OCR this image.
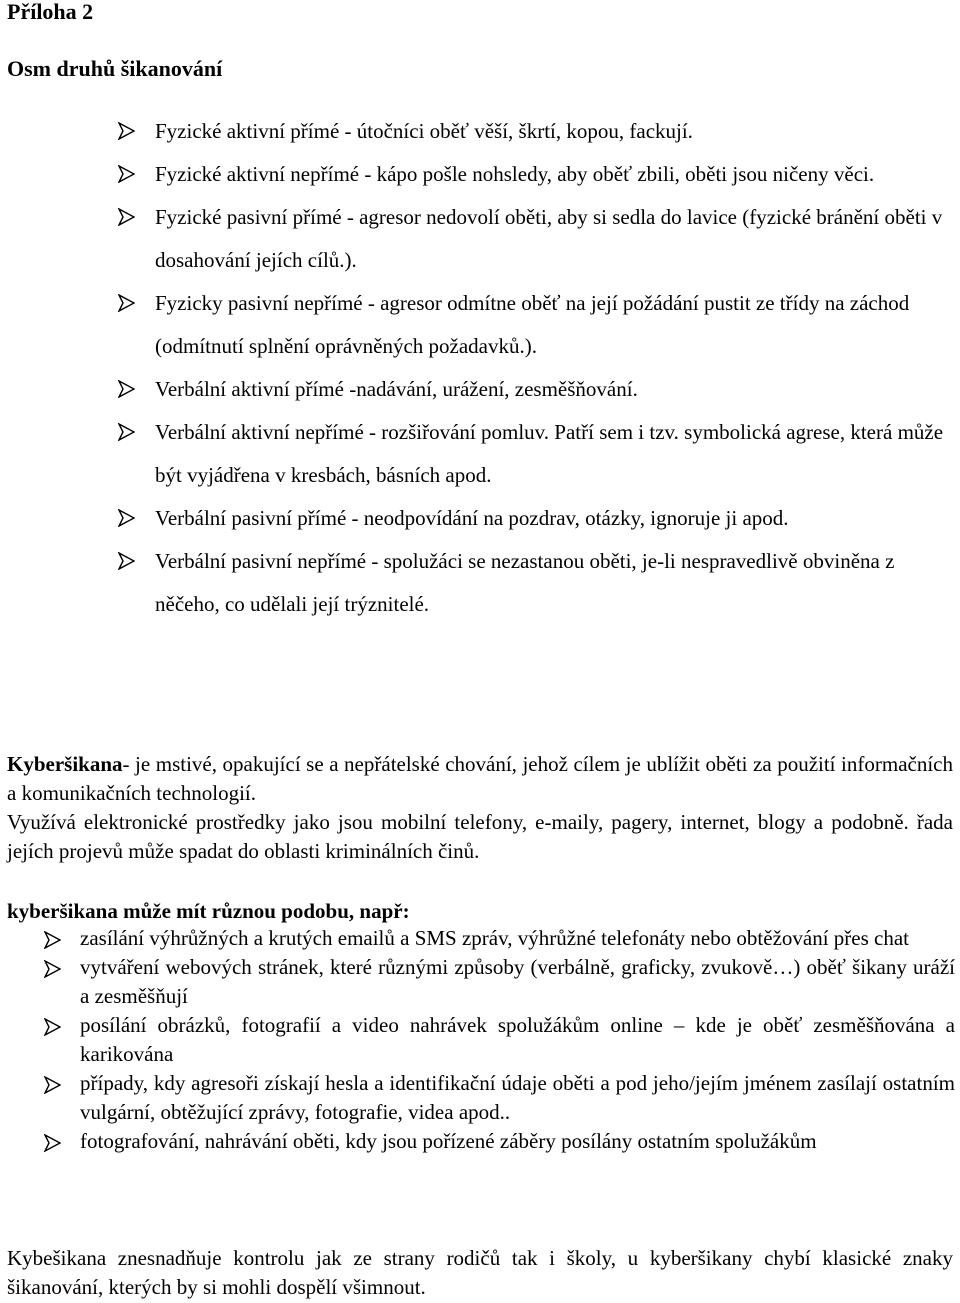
Příloha 2

Osm druhů šikanování

Fyzické aktivní přímé - útočníci oběť věší, škrtí, kopou, fackují.
Fyzické aktivní nepřímé - kápo pošle nohsledy, aby oběť zbili, oběti jsou ničeny věci.
Fyzické pasivní přímé - agresor nedovolí oběti, aby si sedla do lavice (fyzické bránění oběti v dosahování jejích cílů.).
Fyzicky pasivní nepřímé - agresor odmítne oběť na její požádání pustit ze třídy na záchod (odmítnutí splnění oprávněných požadavků.).
Verbální aktivní přímé -nadávání, urážení, zesměšňování.
Verbální aktivní nepřímé - rozšiřování pomluv. Patří sem i tzv. symbolická agrese, která může být vyjádřena v kresbách, básních apod.
Verbální pasivní přímé - neodpovídání na pozdrav, otázky, ignoruje ji apod.
Verbální pasivní nepřímé - spolužáci se nezastanou oběti, je-li nespravedlivě obviněna z něčeho, co udělali její trýznitelé.

Kyberšikana- je mstivé, opakující se a nepřátelské chování, jehož cílem je ublížit oběti za použití informačních a komunikačních technologií.

Využívá elektronické prostředky jako jsou mobilní telefony, e-maily, pagery, internet, blogy a podobně. řada jejích projevů může spadat do oblasti kriminálních činů.

kyberšikana může mít různou podobu, např:

zasílání výhrůžných a krutých emailů a SMS zpráv, výhrůžné telefonáty nebo obtěžování přes chat
vytváření webových stránek, které různými způsoby (verbálně, graficky, zvukově…) oběť šikany uráží a zesměšňují
posílání obrázků, fotografií a video nahrávek spolužákům online – kde je oběť zesměšňována a karikována
případy, kdy agresoři získají hesla a identifikační údaje oběti a pod jeho/jejím jménem zasílají ostatním vulgární, obtěžující zprávy, fotografie, videa apod..
fotografování, nahrávání oběti, kdy jsou pořízené záběry posílány ostatním spolužákům

Kybešikana znesnadňuje kontrolu jak ze strany rodičů tak i školy, u kyberšikany chybí klasické znaky šikanování, kterých by si mohli dospělí všimnout.
